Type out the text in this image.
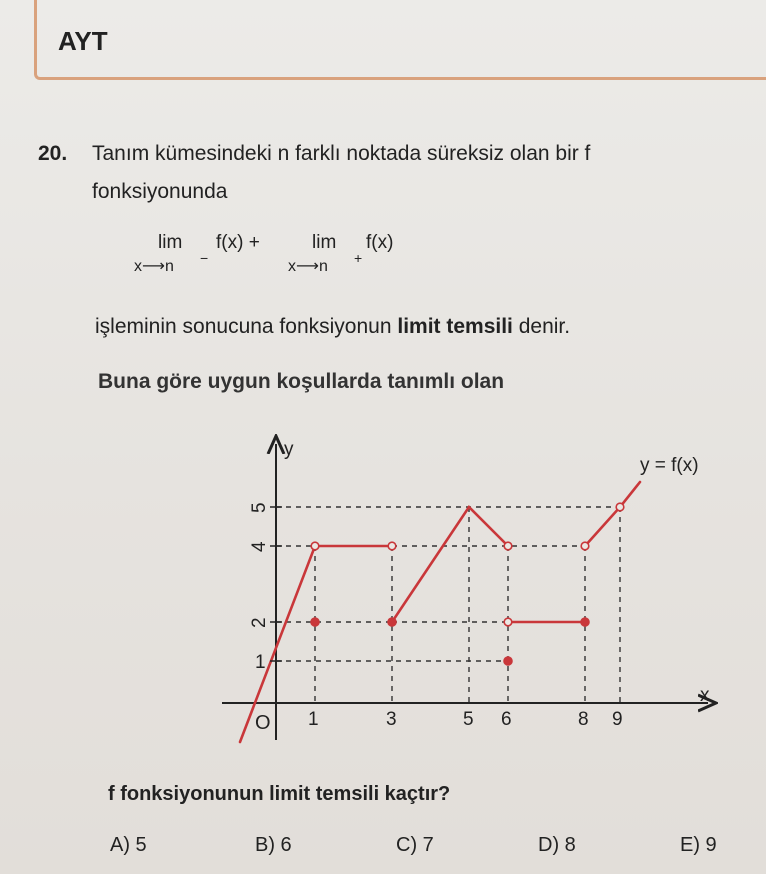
AYT
20. Tanım kümesindeki n farklı noktada süreksiz olan bir f
fonksiyonunda
lim
x⟶n −
f(x) +	lim
x⟶n +
f(x)
işleminin sonucuna fonksiyonun limit temsili denir.
Buna göre uygun koşullarda tanımlı olan
y
x
y = f(x)
O 1	3	5 6	8 9
5
4
2
1
f fonksiyonunun limit temsili kaçtır?
A) 5	B) 6	C) 7	D) 8	E) 9
